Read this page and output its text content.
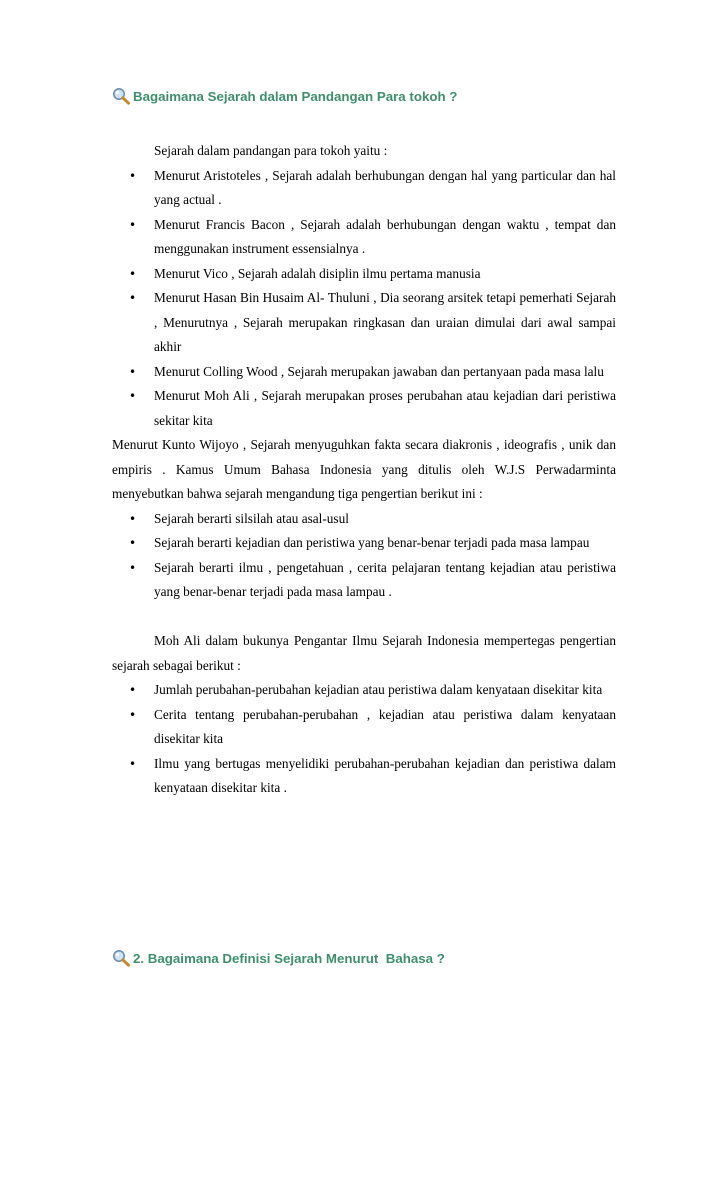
Bagaimana Sejarah dalam Pandangan Para tokoh ?

Sejarah dalam pandangan para tokoh yaitu :

• Menurut Aristoteles , Sejarah adalah berhubungan dengan hal yang particular dan hal yang actual .
• Menurut Francis Bacon , Sejarah adalah berhubungan dengan waktu , tempat dan menggunakan instrument essensialnya .
• Menurut Vico , Sejarah adalah disiplin ilmu pertama manusia
• Menurut Hasan Bin Husaim Al- Thuluni , Dia seorang arsitek tetapi pemerhati Sejarah , Menurutnya , Sejarah merupakan ringkasan dan uraian dimulai dari awal sampai akhir
• Menurut Colling Wood , Sejarah merupakan jawaban dan pertanyaan pada masa lalu
• Menurut Moh Ali , Sejarah merupakan proses perubahan atau kejadian dari peristiwa sekitar kita

Menurut Kunto Wijoyo , Sejarah menyuguhkan fakta secara diakronis , ideografis , unik dan empiris . Kamus Umum Bahasa Indonesia yang ditulis oleh W.J.S Perwadarminta menyebutkan bahwa sejarah mengandung tiga pengertian berikut ini :

• Sejarah berarti silsilah atau asal-usul
• Sejarah berarti kejadian dan peristiwa yang benar-benar terjadi pada masa lampau
• Sejarah berarti ilmu , pengetahuan , cerita pelajaran tentang kejadian atau peristiwa yang benar-benar terjadi pada masa lampau .

Moh Ali dalam bukunya Pengantar Ilmu Sejarah Indonesia mempertegas pengertian sejarah sebagai berikut :

• Jumlah perubahan-perubahan kejadian atau peristiwa dalam kenyataan disekitar kita
• Cerita tentang perubahan-perubahan , kejadian atau peristiwa dalam kenyataan disekitar kita
• Ilmu yang bertugas menyelidiki perubahan-perubahan kejadian dan peristiwa dalam kenyataan disekitar kita .
2. Bagaimana Definisi Sejarah Menurut  Bahasa ?
